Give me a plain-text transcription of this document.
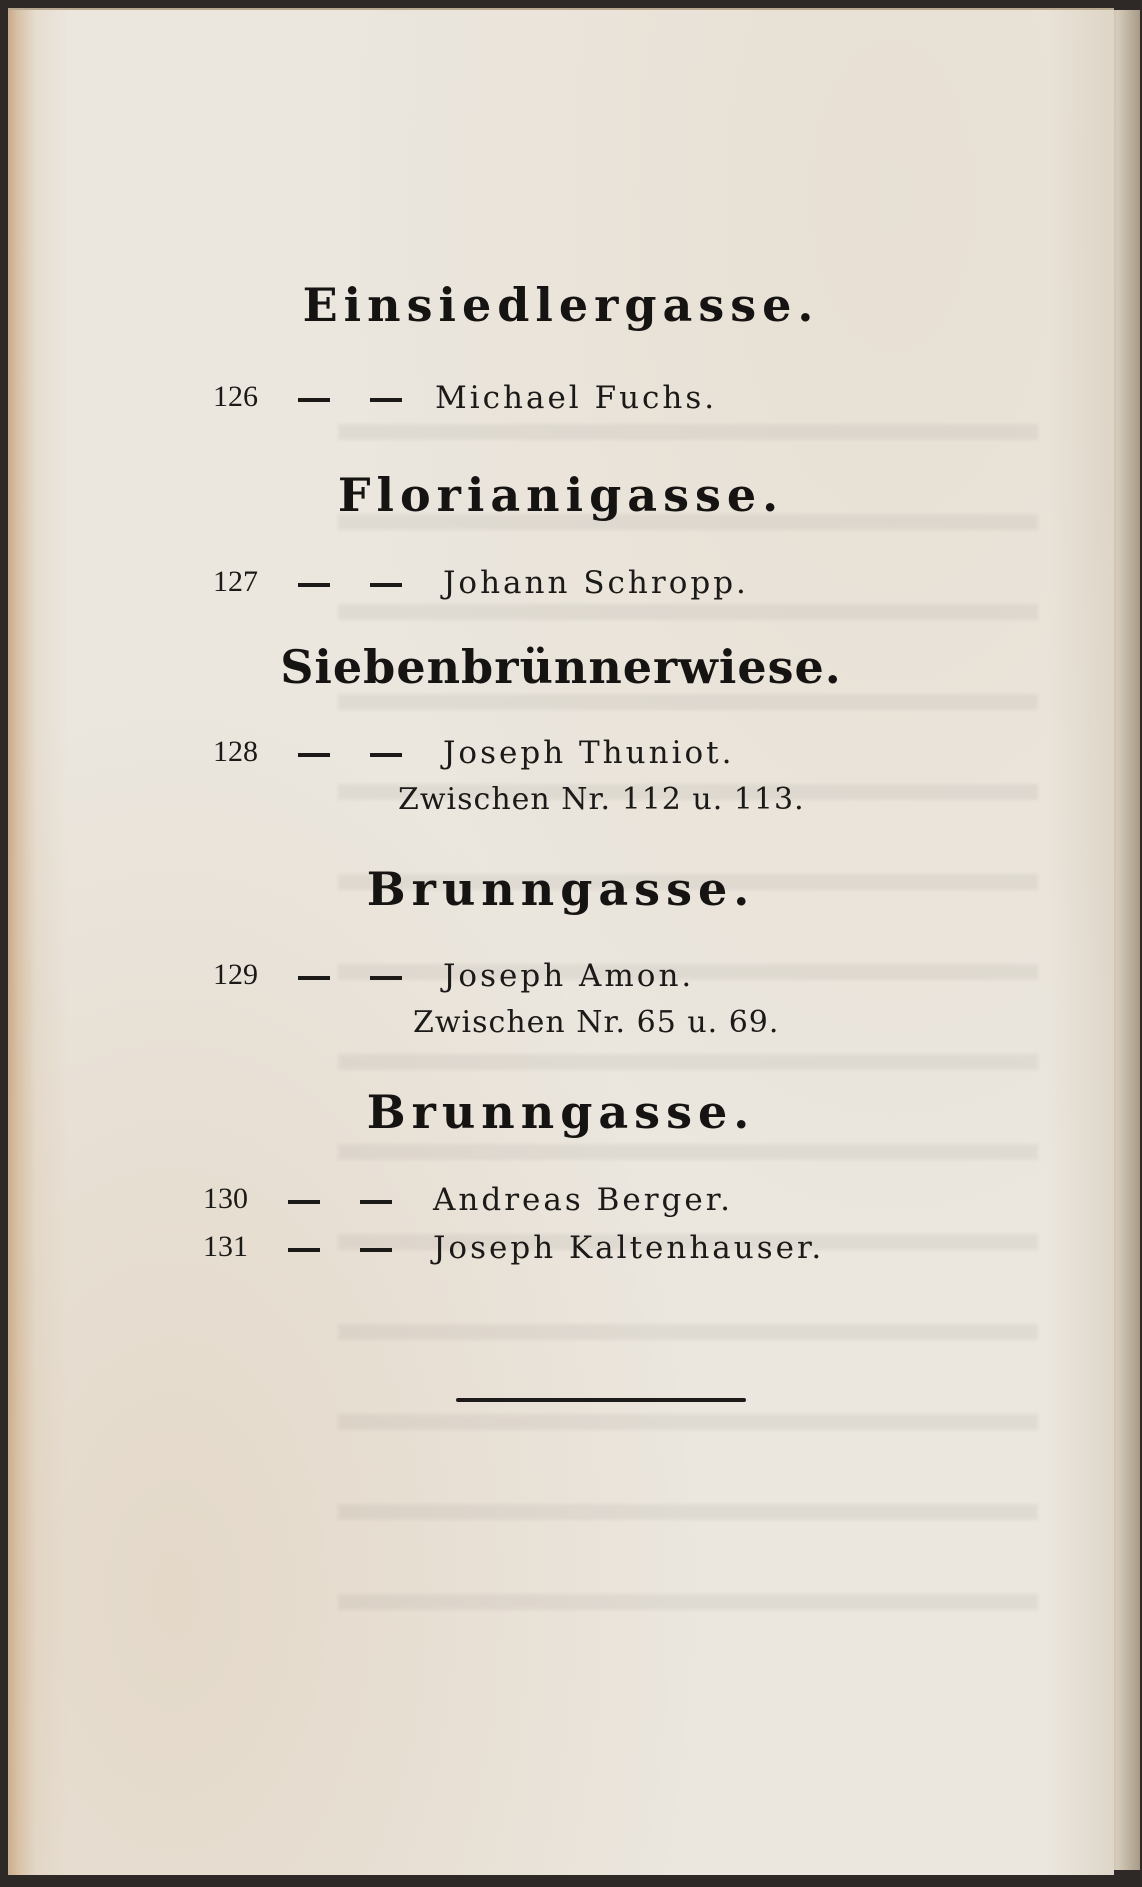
Einsiedlergasse.
126	Michael Fuchs.
Florianigasse.
127	Johann Schropp.
Siebenbrünnerwiese.
128	Joseph Thuniot.
Zwischen Nr. 112 u. 113.
Brunngasse.
129	Joseph Amon.
Zwischen Nr. 65 u. 69.
Brunngasse.
130	Andreas Berger.
131	Joseph Kaltenhauser.
